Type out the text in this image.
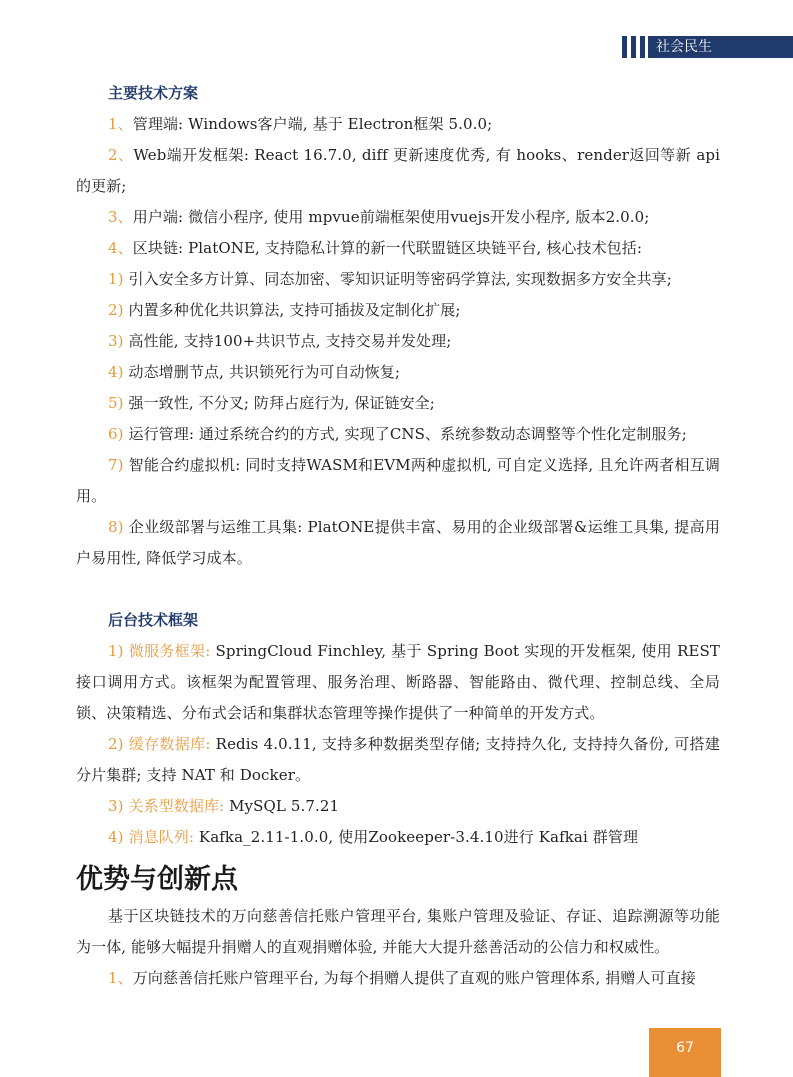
社会民生
主要技术方案

1、管理端: Windows客户端, 基于 Electron框架 5.0.0;

2、Web端开发框架: React 16.7.0, diff 更新速度优秀, 有 hooks、render返回等新 api的更新;

3、用户端: 微信小程序, 使用 mpvue前端框架使用vuejs开发小程序, 版本2.0.0;

4、区块链: PlatONE, 支持隐私计算的新一代联盟链区块链平台, 核心技术包括:

1) 引入安全多方计算、同态加密、零知识证明等密码学算法, 实现数据多方安全共享;

2) 内置多种优化共识算法, 支持可插拔及定制化扩展;

3) 高性能, 支持100+共识节点, 支持交易并发处理;

4) 动态增删节点, 共识锁死行为可自动恢复;

5) 强一致性, 不分叉; 防拜占庭行为, 保证链安全;

6) 运行管理: 通过系统合约的方式, 实现了CNS、系统参数动态调整等个性化定制服务;

7) 智能合约虚拟机: 同时支持WASM和EVM两种虚拟机, 可自定义选择, 且允许两者相互调用。

8) 企业级部署与运维工具集: PlatONE提供丰富、易用的企业级部署&运维工具集, 提高用户易用性, 降低学习成本。

后台技术框架

1) 微服务框架: SpringCloud Finchley, 基于 Spring Boot 实现的开发框架, 使用 REST 接口调用方式。该框架为配置管理、服务治理、断路器、智能路由、微代理、控制总线、全局锁、决策精选、分布式会话和集群状态管理等操作提供了一种简单的开发方式。

2) 缓存数据库: Redis 4.0.11, 支持多种数据类型存储; 支持持久化, 支持持久备份, 可搭建分片集群; 支持 NAT 和 Docker。

3) 关系型数据库: MySQL 5.7.21

4) 消息队列: Kafka_2.11-1.0.0, 使用Zookeeper-3.4.10进行 Kafkai 群管理

优势与创新点

基于区块链技术的万向慈善信托账户管理平台, 集账户管理及验证、存证、追踪溯源等功能为一体, 能够大幅提升捐赠人的直观捐赠体验, 并能大大提升慈善活动的公信力和权威性。

1、万向慈善信托账户管理平台, 为每个捐赠人提供了直观的账户管理体系, 捐赠人可直接

67
